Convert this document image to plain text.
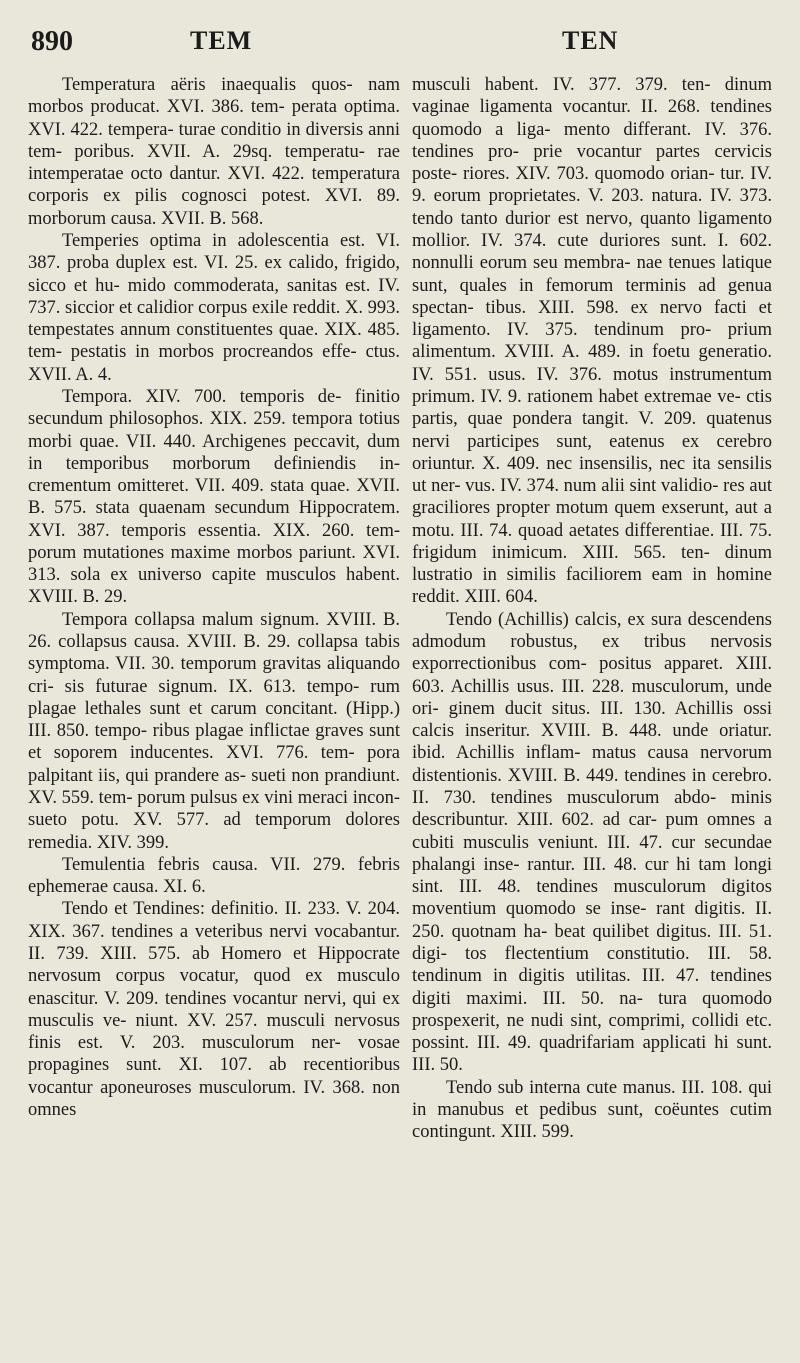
890	TEM	TEN

Temperatura aëris inaequalis quos- nam morbos producat. XVI. 386. tem- perata optima. XVI. 422. tempera- turae conditio in diversis anni tem- poribus. XVII. A. 29sq. temperatu- rae intemperatae octo dantur. XVI. 422. temperatura corporis ex pilis cognosci potest. XVI. 89. morborum causa. XVII. B. 568.

Temperies optima in adolescentia est. VI. 387. proba duplex est. VI. 25. ex calido, frigido, sicco et hu- mido commoderata, sanitas est. IV. 737. siccior et calidior corpus exile reddit. X. 993. tempestates annum constituentes quae. XIX. 485. tem- pestatis in morbos procreandos effe- ctus. XVII. A. 4.

Tempora. XIV. 700. temporis de- finitio secundum philosophos. XIX. 259. tempora totius morbi quae. VII. 440. Archigenes peccavit, dum in temporibus morborum definiendis in- crementum omitteret. VII. 409. stata quae. XVII. B. 575. stata quaenam secundum Hippocratem. XVI. 387. temporis essentia. XIX. 260. tem- porum mutationes maxime morbos pariunt. XVI. 313. sola ex universo capite musculos habent. XVIII. B. 29.

Tempora collapsa malum signum. XVIII. B. 26. collapsus causa. XVIII. B. 29. collapsa tabis symptoma. VII. 30. temporum gravitas aliquando cri- sis futurae signum. IX. 613. tempo- rum plagae lethales sunt et carum concitant. (Hipp.) III. 850. tempo- ribus plagae inflictae graves sunt et soporem inducentes. XVI. 776. tem- pora palpitant iis, qui prandere as- sueti non prandiunt. XV. 559. tem- porum pulsus ex vini meraci incon- sueto potu. XV. 577. ad temporum dolores remedia. XIV. 399.

Temulentia febris causa. VII. 279. febris ephemerae causa. XI. 6.

Tendo et Tendines: definitio. II. 233. V. 204. XIX. 367. tendines a veteribus nervi vocabantur. II. 739. XIII. 575. ab Homero et Hippocrate nervosum corpus vocatur, quod ex musculo enascitur. V. 209. tendines vocantur nervi, qui ex musculis ve- niunt. XV. 257. musculi nervosus finis est. V. 203. musculorum ner- vosae propagines sunt. XI. 107. ab recentioribus vocantur aponeuroses musculorum. IV. 368. non omnes

musculi habent. IV. 377. 379. ten- dinum vaginae ligamenta vocantur. II. 268. tendines quomodo a liga- mento differant. IV. 376. tendines pro- prie vocantur partes cervicis poste- riores. XIV. 703. quomodo orian- tur. IV. 9. eorum proprietates. V. 203. natura. IV. 373. tendo tanto durior est nervo, quanto ligamento mollior. IV. 374. cute duriores sunt. I. 602. nonnulli eorum seu membra- nae tenues latique sunt, quales in femorum terminis ad genua spectan- tibus. XIII. 598. ex nervo facti et ligamento. IV. 375. tendinum pro- prium alimentum. XVIII. A. 489. in foetu generatio. IV. 551. usus. IV. 376. motus instrumentum primum. IV. 9. rationem habet extremae ve- ctis partis, quae pondera tangit. V. 209. quatenus nervi participes sunt, eatenus ex cerebro oriuntur. X. 409. nec insensilis, nec ita sensilis ut ner- vus. IV. 374. num alii sint validio- res aut graciliores propter motum quem exserunt, aut a motu. III. 74. quoad aetates differentiae. III. 75. frigidum inimicum. XIII. 565. ten- dinum lustratio in similis faciliorem eam in homine reddit. XIII. 604.

Tendo (Achillis) calcis, ex sura descendens admodum robustus, ex tribus nervosis exporrectionibus com- positus apparet. XIII. 603. Achillis usus. III. 228. musculorum, unde ori- ginem ducit situs. III. 130. Achillis ossi calcis inseritur. XVIII. B. 448. unde oriatur. ibid. Achillis inflam- matus causa nervorum distentionis. XVIII. B. 449. tendines in cerebro. II. 730. tendines musculorum abdo- minis describuntur. XIII. 602. ad car- pum omnes a cubiti musculis veniunt. III. 47. cur secundae phalangi inse- rantur. III. 48. cur hi tam longi sint. III. 48. tendines musculorum digitos moventium quomodo se inse- rant digitis. II. 250. quotnam ha- beat quilibet digitus. III. 51. digi- tos flectentium constitutio. III. 58. tendinum in digitis utilitas. III. 47. tendines digiti maximi. III. 50. na- tura quomodo prospexerit, ne nudi sint, comprimi, collidi etc. possint. III. 49. quadrifariam applicati hi sunt. III. 50.

Tendo sub interna cute manus. III. 108. qui in manubus et pedibus sunt, coëuntes cutim contingunt. XIII. 599.
